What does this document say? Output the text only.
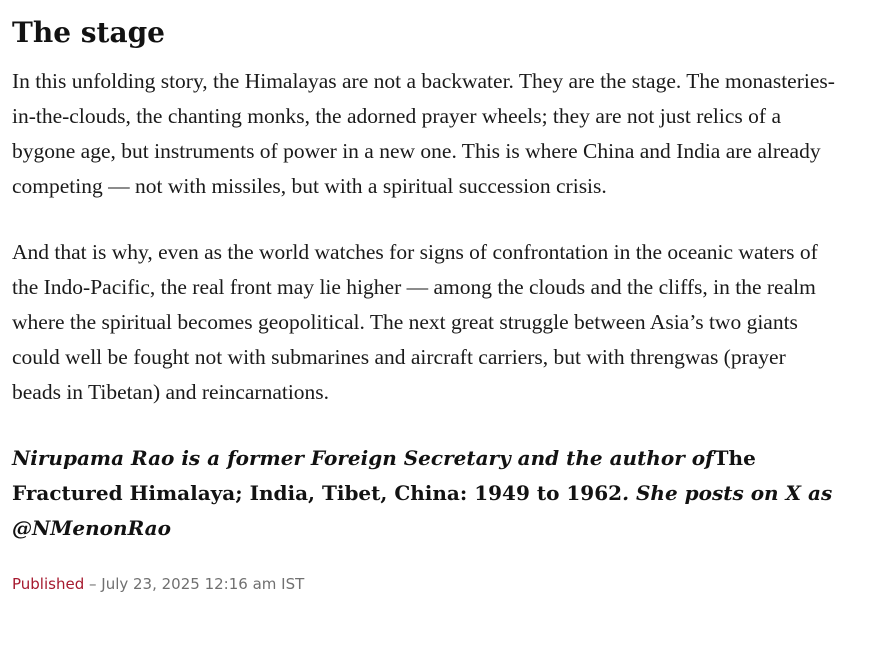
The stage

In this unfolding story, the Himalayas are not a backwater. They are the stage. The monasteries-in-the-clouds, the chanting monks, the adorned prayer wheels; they are not just relics of a bygone age, but instruments of power in a new one. This is where China and India are already competing — not with missiles, but with a spiritual succession crisis.

And that is why, even as the world watches for signs of confrontation in the oceanic waters of the Indo-Pacific, the real front may lie higher — among the clouds and the cliffs, in the realm where the spiritual becomes geopolitical. The next great struggle between Asia’s two giants could well be fought not with submarines and aircraft carriers, but with threngwas (prayer beads in Tibetan) and reincarnations.

Nirupama Rao is a former Foreign Secretary and the author ofThe Fractured Himalaya; India, Tibet, China: 1949 to 1962. She posts on X as @NMenonRao

Published – July 23, 2025 12:16 am IST
